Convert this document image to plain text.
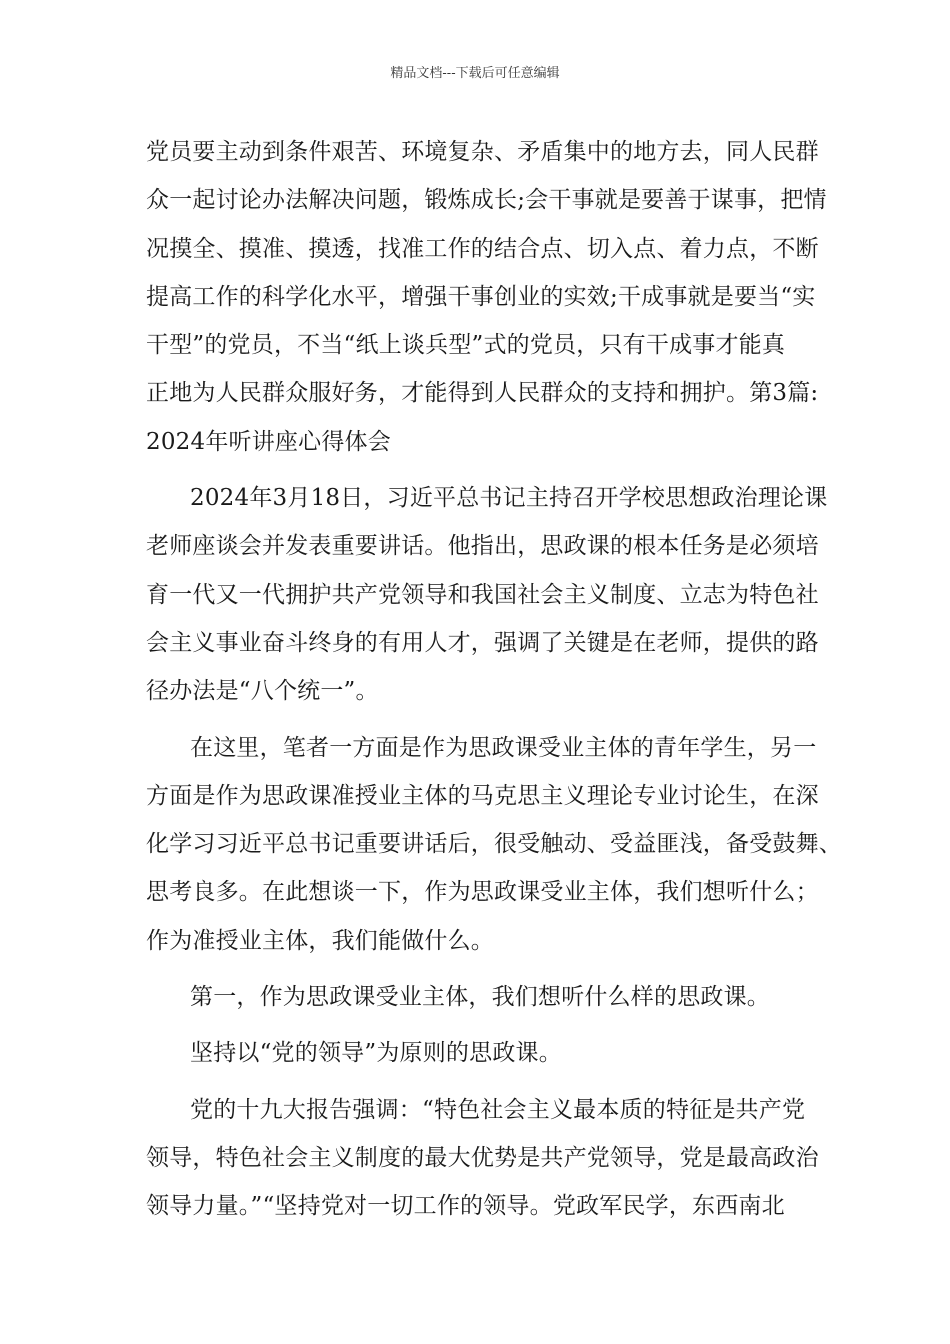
精品文档---下载后可任意编辑
党员要主动到条件艰苦、环境复杂、矛盾集中的地方去，同人民群
众一起讨论办法解决问题，锻炼成长;会干事就是要善于谋事，把情
况摸全、摸准、摸透，找准工作的结合点、切入点、着力点，不断
提高工作的科学化水平，增强干事创业的实效;干成事就是要当“实
干型”的党员，不当“纸上谈兵型”式的党员，只有干成事才能真
正地为人民群众服好务，才能得到人民群众的支持和拥护。第3篇:
2024年听讲座心得体会
2024年3月18日，习近平总书记主持召开学校思想政治理论课
老师座谈会并发表重要讲话。他指出，思政课的根本任务是必须培
育一代又一代拥护共产党领导和我国社会主义制度、立志为特色社
会主义事业奋斗终身的有用人才，强调了关键是在老师，提供的路
径办法是“八个统一”。
在这里，笔者一方面是作为思政课受业主体的青年学生，另一
方面是作为思政课准授业主体的马克思主义理论专业讨论生，在深
化学习习近平总书记重要讲话后，很受触动、受益匪浅，备受鼓舞、
思考良多。在此想谈一下，作为思政课受业主体，我们想听什么；
作为准授业主体，我们能做什么。
第一，作为思政课受业主体，我们想听什么样的思政课。
坚持以“党的领导”为原则的思政课。
党的十九大报告强调：“特色社会主义最本质的特征是共产党
领导，特色社会主义制度的最大优势是共产党领导，党是最高政治
领导力量。”“坚持党对一切工作的领导。党政军民学，东西南北
